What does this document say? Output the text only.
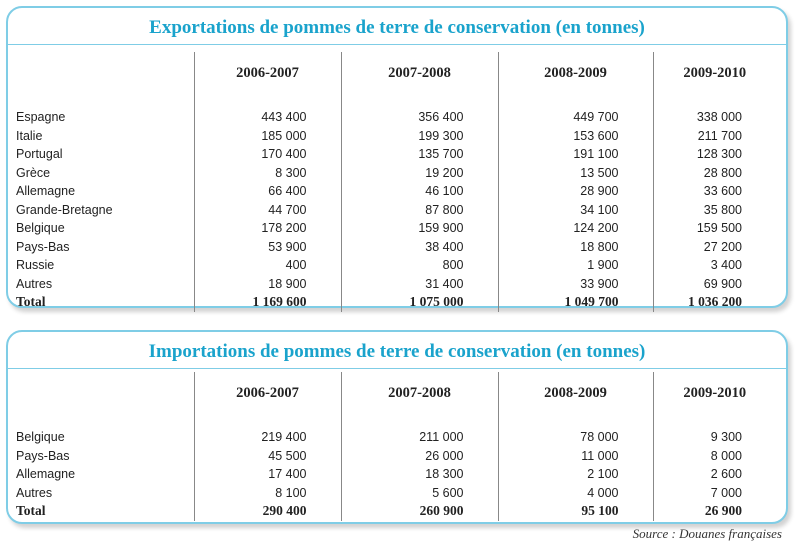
Exportations de pommes de terre de conservation (en tonnes)
	2006-2007	2007-2008	2008-2009	2009-2010

Espagne	443 400	356 400	449 700	338 000
Italie	185 000	199 300	153 600	211 700
Portugal	170 400	135 700	191 100	128 300
Grèce	8 300	19 200	13 500	28 800
Allemagne	66 400	46 100	28 900	33 600
Grande-Bretagne	44 700	87 800	34 100	35 800
Belgique	178 200	159 900	124 200	159 500
Pays-Bas	53 900	38 400	18 800	27 200
Russie	400	800	1 900	3 400
Autres	18 900	31 400	33 900	69 900
Total	1 169 600	1 075 000	1 049 700	1 036 200
Importations de pommes de terre de conservation (en tonnes)
	2006-2007	2007-2008	2008-2009	2009-2010

Belgique	219 400	211 000	78 000	9 300
Pays-Bas	45 500	26 000	11 000	8 000
Allemagne	17 400	18 300	2 100	2 600
Autres	8 100	5 600	4 000	7 000
Total	290 400	260 900	95 100	26 900
Source : Douanes françaises
